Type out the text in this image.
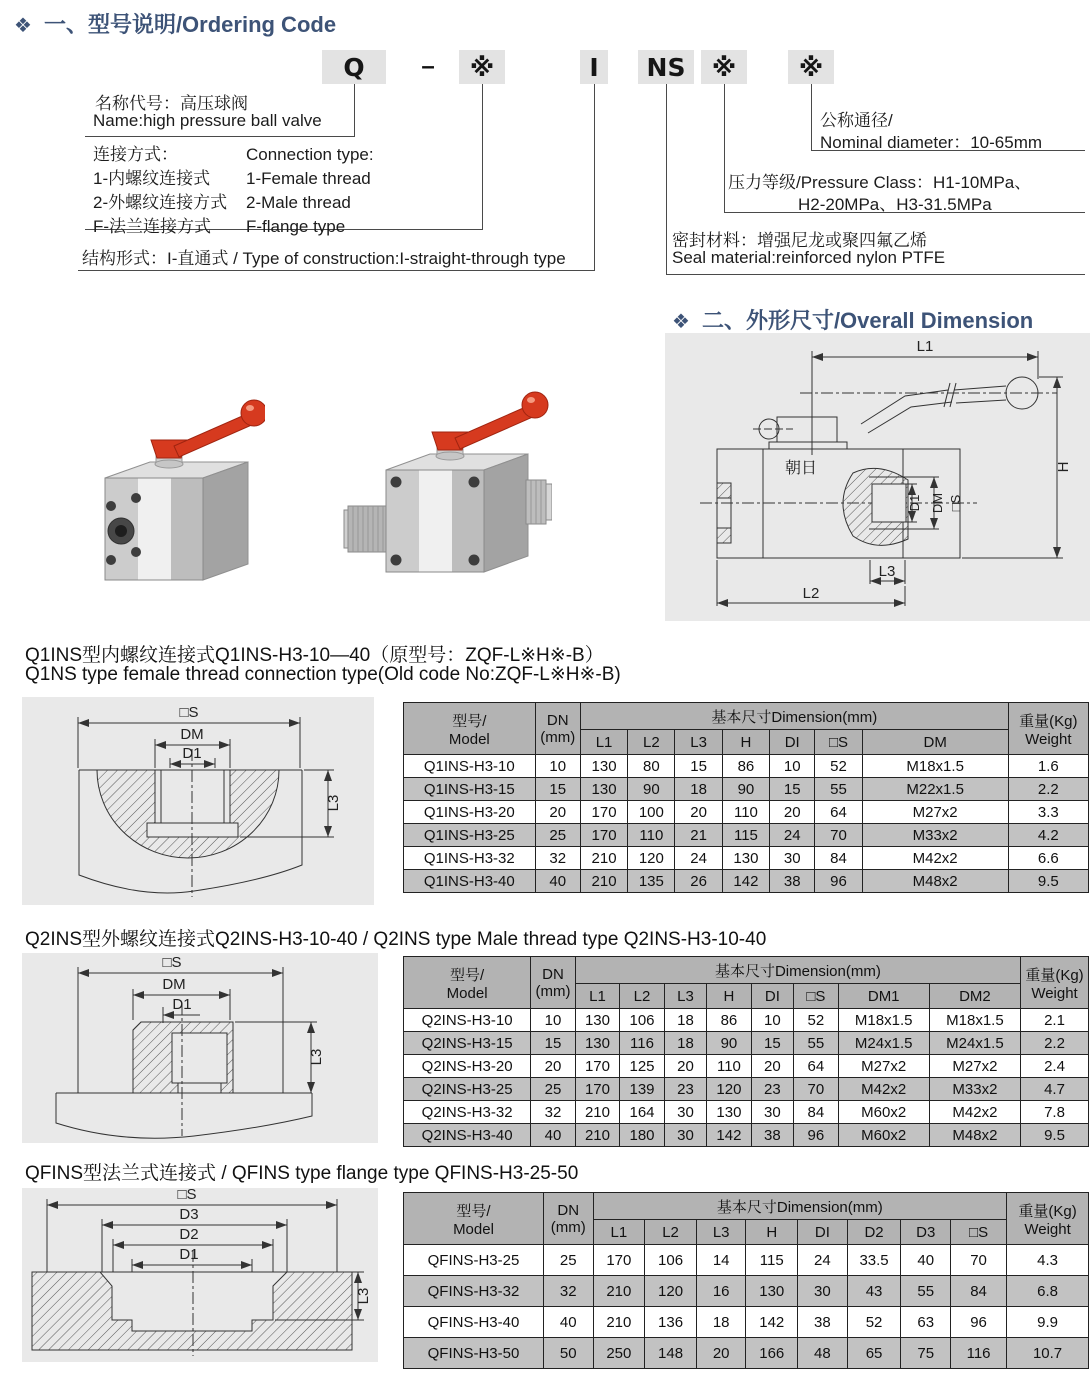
❖ 一、型号说明/Ordering Code
Q	–	※	I	NS	※	※
名称代号：高压球阀
Name:high pressure ball valve
连接方式：
1-内螺纹连接式
2-外螺纹连接方式
F-法兰连接方式
Connection type:
1-Female thread
2-Male thread
F-flange type
结构形式：I-直通式 / Type of construction:I-straight-through type
公称通径/
Nominal diameter：10-65mm
压力等级/Pressure Class：H1-10MPa、
H2-20MPa、H3-31.5MPa
密封材料：增强尼龙或聚四氟乙烯
Seal material:reinforced nylon PTFE
❖ 二、外形尺寸/Overall Dimension
L1
H
朝日
D1 DM □S
L3
L2
Q1INS型内螺纹连接式Q1INS-H3-10—40（原型号：ZQF-L※H※-B）
Q1NS type female thread connection type(Old code No:ZQF-L※H※-B)
□S
DM
D1
L3
型号/
Model	DN
(mm)	基本尺寸Dimension(mm)							重量(Kg)
Weight
		L1	L2	L3	H	DI	□S	DM	
Q1INS-H3-10	10	130	80	15	86	10	52	M18x1.5	1.6
Q1INS-H3-15	15	130	90	18	90	15	55	M22x1.5	2.2
Q1INS-H3-20	20	170	100	20	110	20	64	M27x2	3.3
Q1INS-H3-25	25	170	110	21	115	24	70	M33x2	4.2
Q1INS-H3-32	32	210	120	24	130	30	84	M42x2	6.6
Q1INS-H3-40	40	210	135	26	142	38	96	M48x2	9.5
Q2INS型外螺纹连接式Q2INS-H3-10-40 / Q2INS type Male thread type Q2INS-H3-10-40
□S
DM
D1
L3
型号/
Model	DN
(mm)	基本尺寸Dimension(mm)								重量(Kg)
Weight
		L1	L2	L3	H	DI	□S	DM1	DM2	
Q2INS-H3-10	10	130	106	18	86	10	52	M18x1.5	M18x1.5	2.1
Q2INS-H3-15	15	130	116	18	90	15	55	M24x1.5	M24x1.5	2.2
Q2INS-H3-20	20	170	125	20	110	20	64	M27x2	M27x2	2.4
Q2INS-H3-25	25	170	139	23	120	23	70	M42x2	M33x2	4.7
Q2INS-H3-32	32	210	164	30	130	30	84	M60x2	M42x2	7.8
Q2INS-H3-40	40	210	180	30	142	38	96	M60x2	M48x2	9.5
QFINS型法兰式连接式 / QFINS type flange type QFINS-H3-25-50
□S
D3
D2
D1
L3
型号/
Model	DN
(mm)	基本尺寸Dimension(mm)								重量(Kg)
Weight
		L1	L2	L3	H	DI	D2	D3	□S	
QFINS-H3-25	25	170	106	14	115	24	33.5	40	70	4.3
QFINS-H3-32	32	210	120	16	130	30	43	55	84	6.8
QFINS-H3-40	40	210	136	18	142	38	52	63	96	9.9
QFINS-H3-50	50	250	148	20	166	48	65	75	116	10.7
